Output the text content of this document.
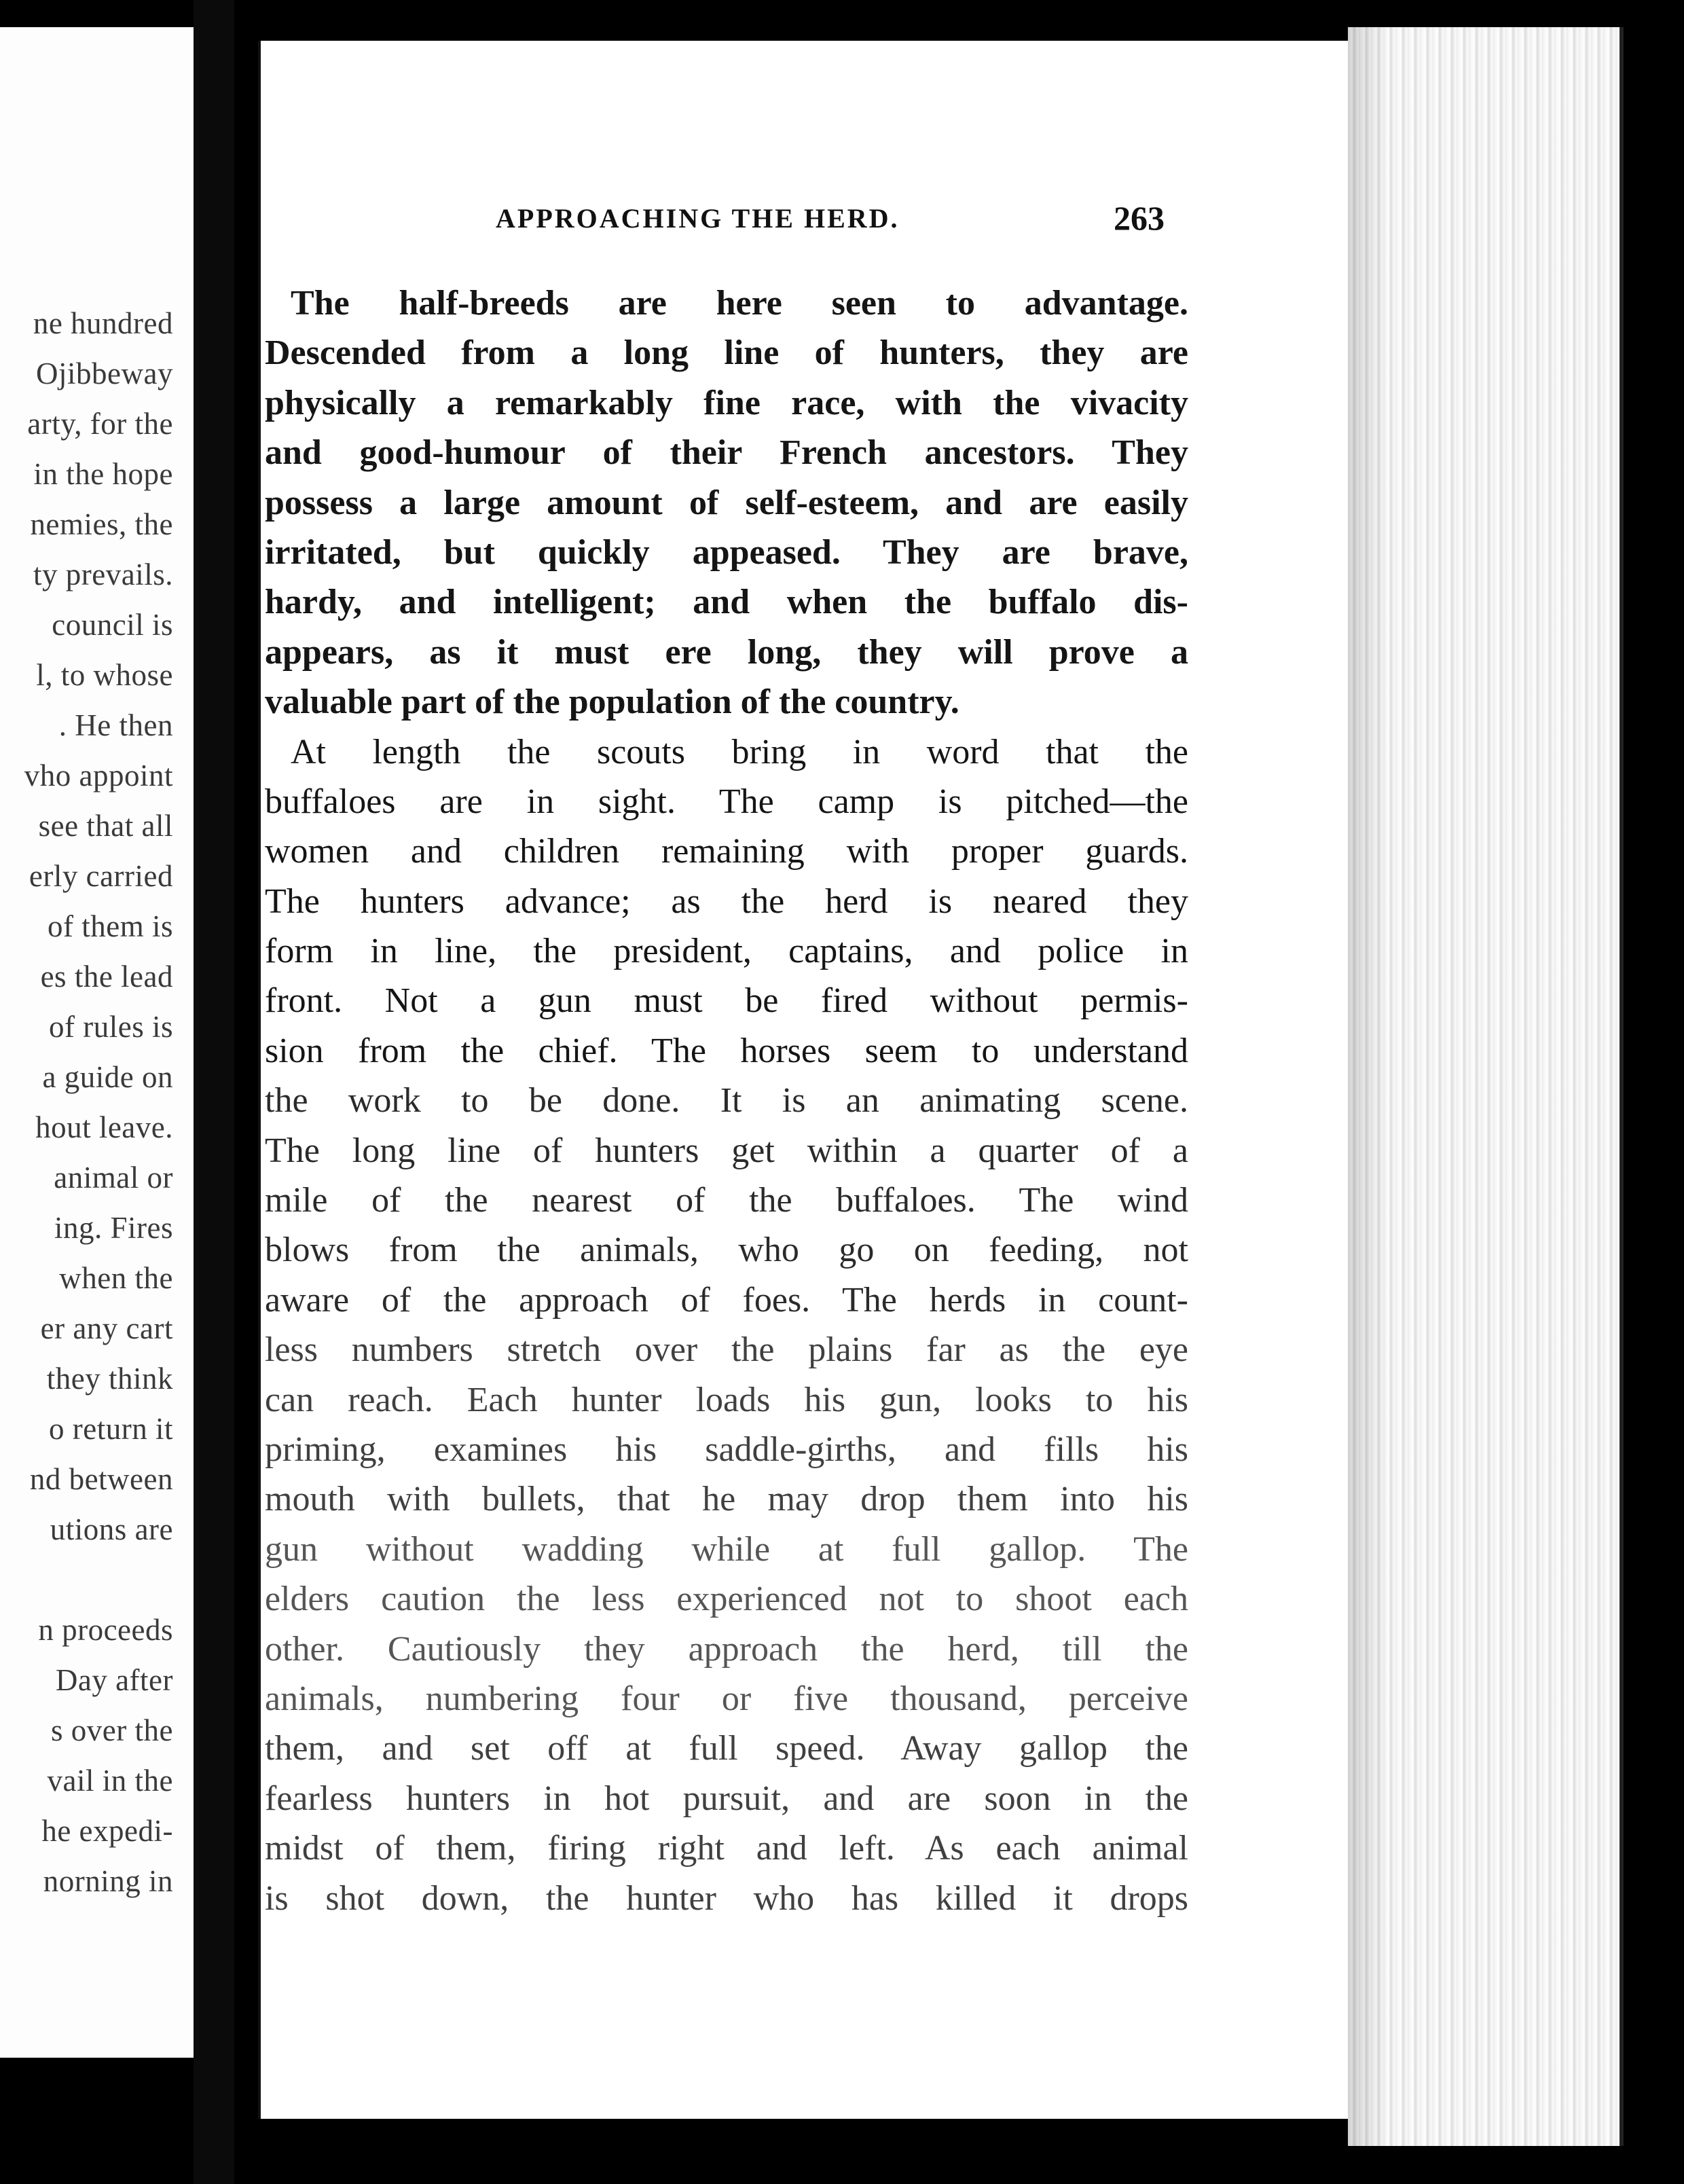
ne hundred
Ojibbeway
arty, for the
in the hope
nemies, the
ty prevails.
council is
l, to whose
. He then
vho appoint
see that all
erly carried
of them is
es the lead
of rules is
a guide on
hout leave.
animal or
ing. Fires
when the
er any cart
they think
o return it
nd between
utions are
n proceeds
Day after
s over the
vail in the
he expedi-
norning in
APPROACHING THE HERD.	263
The half-breeds are here seen to advantage.
Descended from a long line of hunters, they are
physically a remarkably fine race, with the vivacity
and good-humour of their French ancestors. They
possess a large amount of self-esteem, and are easily
irritated, but quickly appeased. They are brave,
hardy, and intelligent; and when the buffalo dis-
appears, as it must ere long, they will prove a
valuable part of the population of the country.
At length the scouts bring in word that the
buffaloes are in sight. The camp is pitched—the
women and children remaining with proper guards.
The hunters advance; as the herd is neared they
form in line, the president, captains, and police in
front. Not a gun must be fired without permis-
sion from the chief. The horses seem to understand
the work to be done. It is an animating scene.
The long line of hunters get within a quarter of a
mile of the nearest of the buffaloes. The wind
blows from the animals, who go on feeding, not
aware of the approach of foes. The herds in count-
less numbers stretch over the plains far as the eye
can reach. Each hunter loads his gun, looks to his
priming, examines his saddle-girths, and fills his
mouth with bullets, that he may drop them into his
gun without wadding while at full gallop. The
elders caution the less experienced not to shoot each
other. Cautiously they approach the herd, till the
animals, numbering four or five thousand, perceive
them, and set off at full speed. Away gallop the
fearless hunters in hot pursuit, and are soon in the
midst of them, firing right and left. As each animal
is shot down, the hunter who has killed it drops
